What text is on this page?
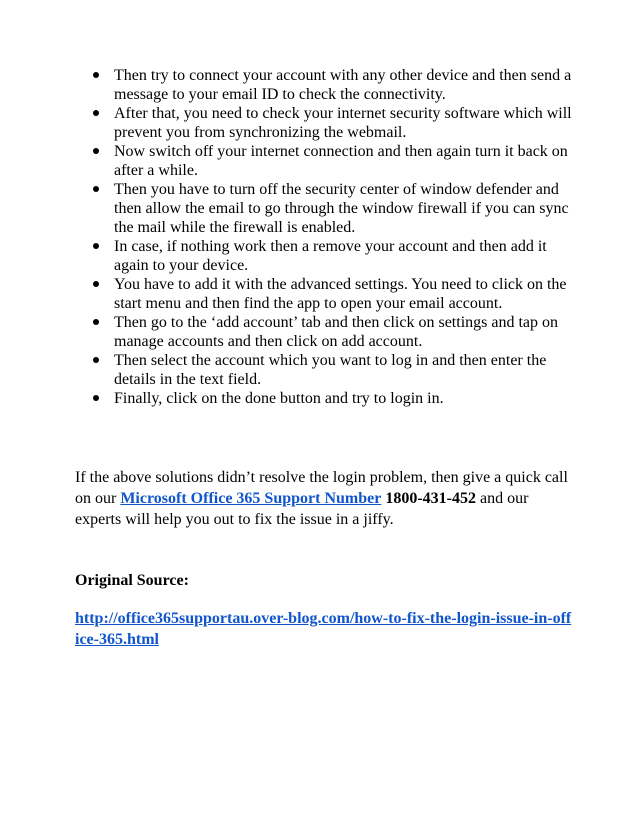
Then try to connect your account with any other device and then send a message to your email ID to check the connectivity.
After that, you need to check your internet security software which will prevent you from synchronizing the webmail.
Now switch off your internet connection and then again turn it back on after a while.
Then you have to turn off the security center of window defender and then allow the email to go through the window firewall if you can sync the mail while the firewall is enabled.
In case, if nothing work then a remove your account and then add it again to your device.
You have to add it with the advanced settings. You need to click on the start menu and then find the app to open your email account.
Then go to the ‘add account’ tab and then click on settings and tap on manage accounts and then click on add account.
Then select the account which you want to log in and then enter the details in the text field.
Finally, click on the done button and try to login in.

If the above solutions didn’t resolve the login problem, then give a quick call on our Microsoft Office 365 Support Number 1800-431-452 and our experts will help you out to fix the issue in a jiffy.

Original Source:

http://office365supportau.over-blog.com/how-to-fix-the-login-issue-in-office-365.html
